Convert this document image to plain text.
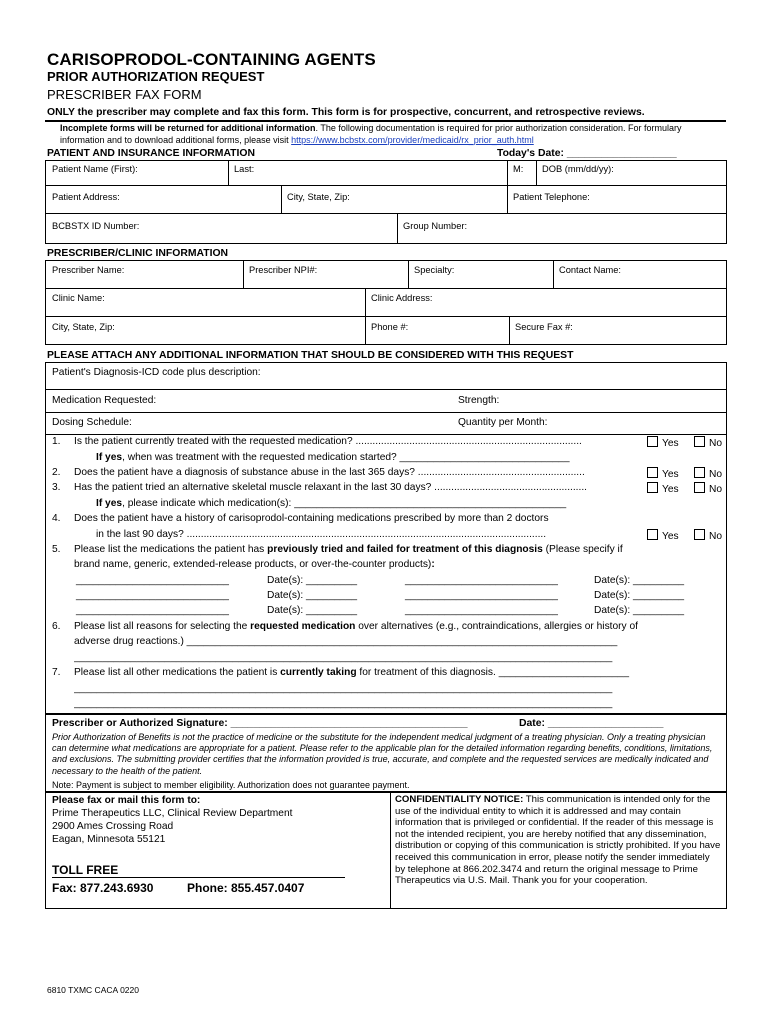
CARISOPRODOL-CONTAINING AGENTS
PRIOR AUTHORIZATION REQUEST
PRESCRIBER FAX FORM
ONLY the prescriber may complete and fax this form. This form is for prospective, concurrent, and retrospective reviews.
Incomplete forms will be returned for additional information. The following documentation is required for prior authorization consideration. For formulary information and to download additional forms, please visit https://www.bcbstx.com/provider/medicaid/rx_prior_auth.html
PATIENT AND INSURANCE INFORMATION	Today's Date: ___________________
Patient Name (First):	Last:	M: DOB (mm/dd/yy):
Patient Address:	City, State, Zip:	Patient Telephone:
BCBSTX ID Number:	Group Number:
PRESCRIBER/CLINIC INFORMATION
Prescriber Name:	Prescriber NPI#:	Specialty:	Contact Name:
Clinic Name:	Clinic Address:
City, State, Zip:	Phone #:	Secure Fax #:
PLEASE ATTACH ANY ADDITIONAL INFORMATION THAT SHOULD BE CONSIDERED WITH THIS REQUEST
Patient's Diagnosis-ICD code plus description:
Medication Requested:	Strength:
Dosing Schedule:	Quantity per Month:
1. Is the patient currently treated with the requested medication? ................................................................................	Yes	No
If yes, when was treatment with the requested medication started? ______________________________
2. Does the patient have a diagnosis of substance abuse in the last 365 days? ...........................................................	Yes	No
3. Has the patient tried an alternative skeletal muscle relaxant in the last 30 days? ......................................................	Yes	No
If yes, please indicate which medication(s): ________________________________________________
4. Does the patient have a history of carisoprodol-containing medications prescribed by more than 2 doctors
in the last 90 days? ...............................................................................................................................	Yes	No
5. Please list the medications the patient has previously tried and failed for treatment of this diagnosis (Please specify if
brand name, generic, extended-release products, or over-the-counter products):
___________________________	Date(s): _________	___________________________	Date(s): _________
___________________________	Date(s): _________	___________________________	Date(s): _________
___________________________	Date(s): _________	___________________________	Date(s): _________
6. Please list all reasons for selecting the requested medication over alternatives (e.g., contraindications, allergies or history of
adverse drug reactions.) ____________________________________________________________________________
_______________________________________________________________________________________________
7. Please list all other medications the patient is currently taking for treatment of this diagnosis. _______________________
_______________________________________________________________________________________________
_______________________________________________________________________________________________
Prescriber or Authorized Signature: _________________________________________	Date: ____________________
Prior Authorization of Benefits is not the practice of medicine or the substitute for the independent medical judgment of a treating physician. Only a treating physician can determine what medications are appropriate for a patient. Please refer to the applicable plan for the detailed information regarding benefits, conditions, limitations, and exclusions. The submitting provider certifies that the information provided is true, accurate, and complete and the requested services are medically indicated and necessary to the health of the patient.
Note: Payment is subject to member eligibility. Authorization does not guarantee payment.
Please fax or mail this form to:
Prime Therapeutics LLC, Clinical Review Department
2900 Ames Crossing Road
Eagan, Minnesota 55121
TOLL FREE
Fax: 877.243.6930	Phone: 855.457.0407
CONFIDENTIALITY NOTICE: This communication is intended only for the use of the individual entity to which it is addressed and may contain information that is privileged or confidential. If the reader of this message is not the intended recipient, you are hereby notified that any dissemination, distribution or copying of this communication is strictly prohibited. If you have received this communication in error, please notify the sender immediately by telephone at 866.202.3474 and return the original message to Prime Therapeutics via U.S. Mail. Thank you for your cooperation.
6810 TXMC CACA 0220
